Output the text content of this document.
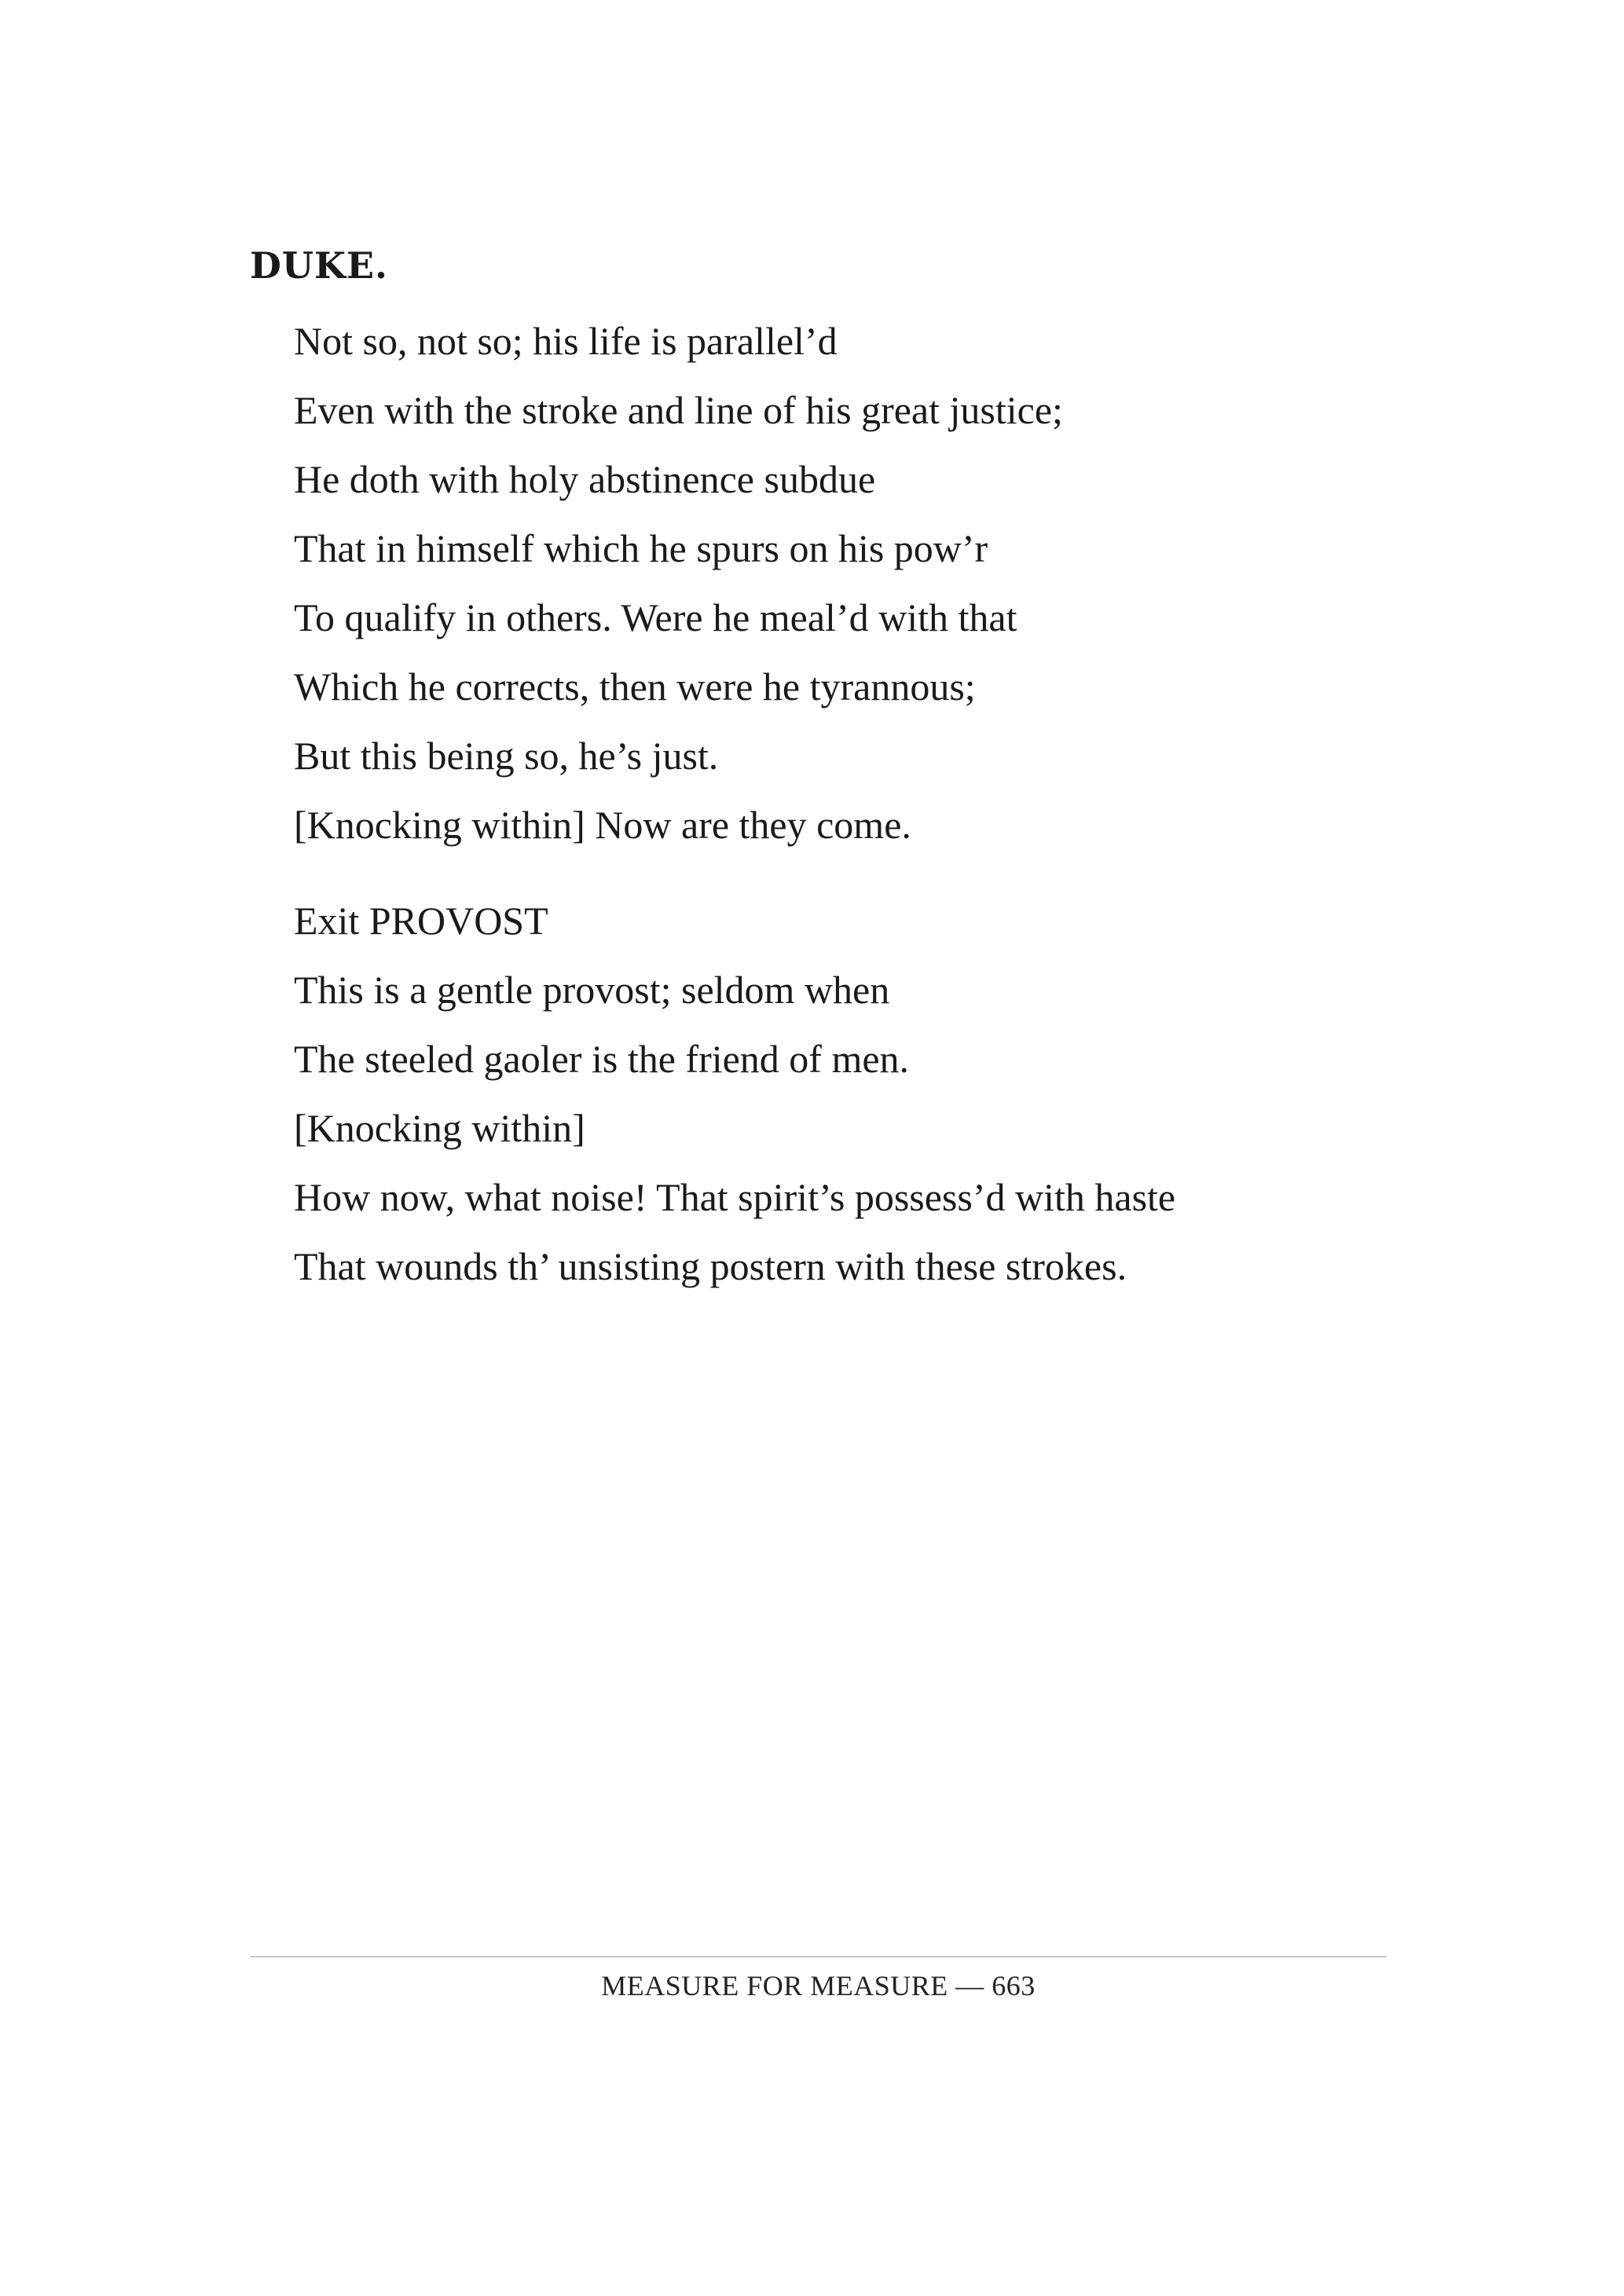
DUKE.

Not so, not so; his life is parallel’d
Even with the stroke and line of his great justice;
He doth with holy abstinence subdue
That in himself which he spurs on his pow’r
To qualify in others. Were he meal’d with that
Which he corrects, then were he tyrannous;
But this being so, he’s just.
[Knocking within] Now are they come.

Exit PROVOST

This is a gentle provost; seldom when
The steeled gaoler is the friend of men.
[Knocking within]
How now, what noise! That spirit’s possess’d with haste
That wounds th’ unsisting postern with these strokes.
MEASURE FOR MEASURE — 663
